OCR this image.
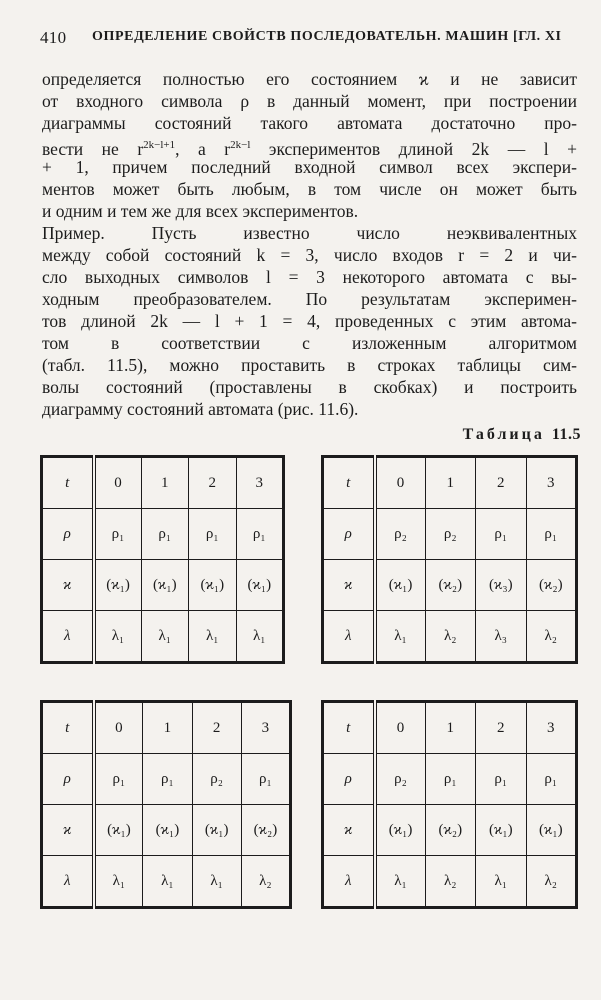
410 ОПРЕДЕЛЕНИЕ СВОЙСТВ ПОСЛЕДОВАТЕЛЬН. МАШИН [ГЛ. XI
определяется полностью его состоянием ϰ и не зависит
от входного символа ρ в данный момент, при построении
диаграммы состояний такого автомата достаточно про-
вести не $r^{2k-l+1}$, а $r^{2k-l}$ экспериментов длиной 2k — l +
+ 1, причем последний входной символ всех экспери-
ментов может быть любым, в том числе он может быть
и одним и тем же для всех экспериментов.
Пример. Пусть известно число неэквивалентных
между собой состояний k = 3, число входов r = 2 и чи-
сло выходных символов l = 3 некоторого автомата с вы-
ходным преобразователем. По результатам эксперимен-
тов длиной 2k — l + 1 = 4, проведенных с этим автома-
том в соответствии с изложенным алгоритмом
(табл. 11.5), можно проставить в строках таблицы сим-
волы состояний (проставлены в скобках) и построить
диаграмму состояний автомата (рис. 11.6).
Таблица 11.5
t	0	1	2	3
ρ	ρ₁	ρ₁	ρ₁	ρ₁
ϰ	(ϰ₁)	(ϰ₁)	(ϰ₁)	(ϰ₁)
λ	λ₁	λ₁	λ₁	λ₁
t	0	1	2	3
ρ	ρ₂	ρ₂	ρ₁	ρ₁
ϰ	(ϰ₁)	(ϰ₂)	(ϰ₃)	(ϰ₂)
λ	λ₁	λ₂	λ₃	λ₂
t	0	1	2	3
ρ	ρ₁	ρ₁	ρ₂	ρ₁
ϰ	(ϰ₁)	(ϰ₁)	(ϰ₁)	(ϰ₂)
λ	λ₁	λ₁	λ₁	λ₂
t	0	1	2	3
ρ	ρ₂	ρ₁	ρ₁	ρ₁
ϰ	(ϰ₁)	(ϰ₂)	(ϰ₁)	(ϰ₁)
λ	λ₁	λ₂	λ₁	λ₂
